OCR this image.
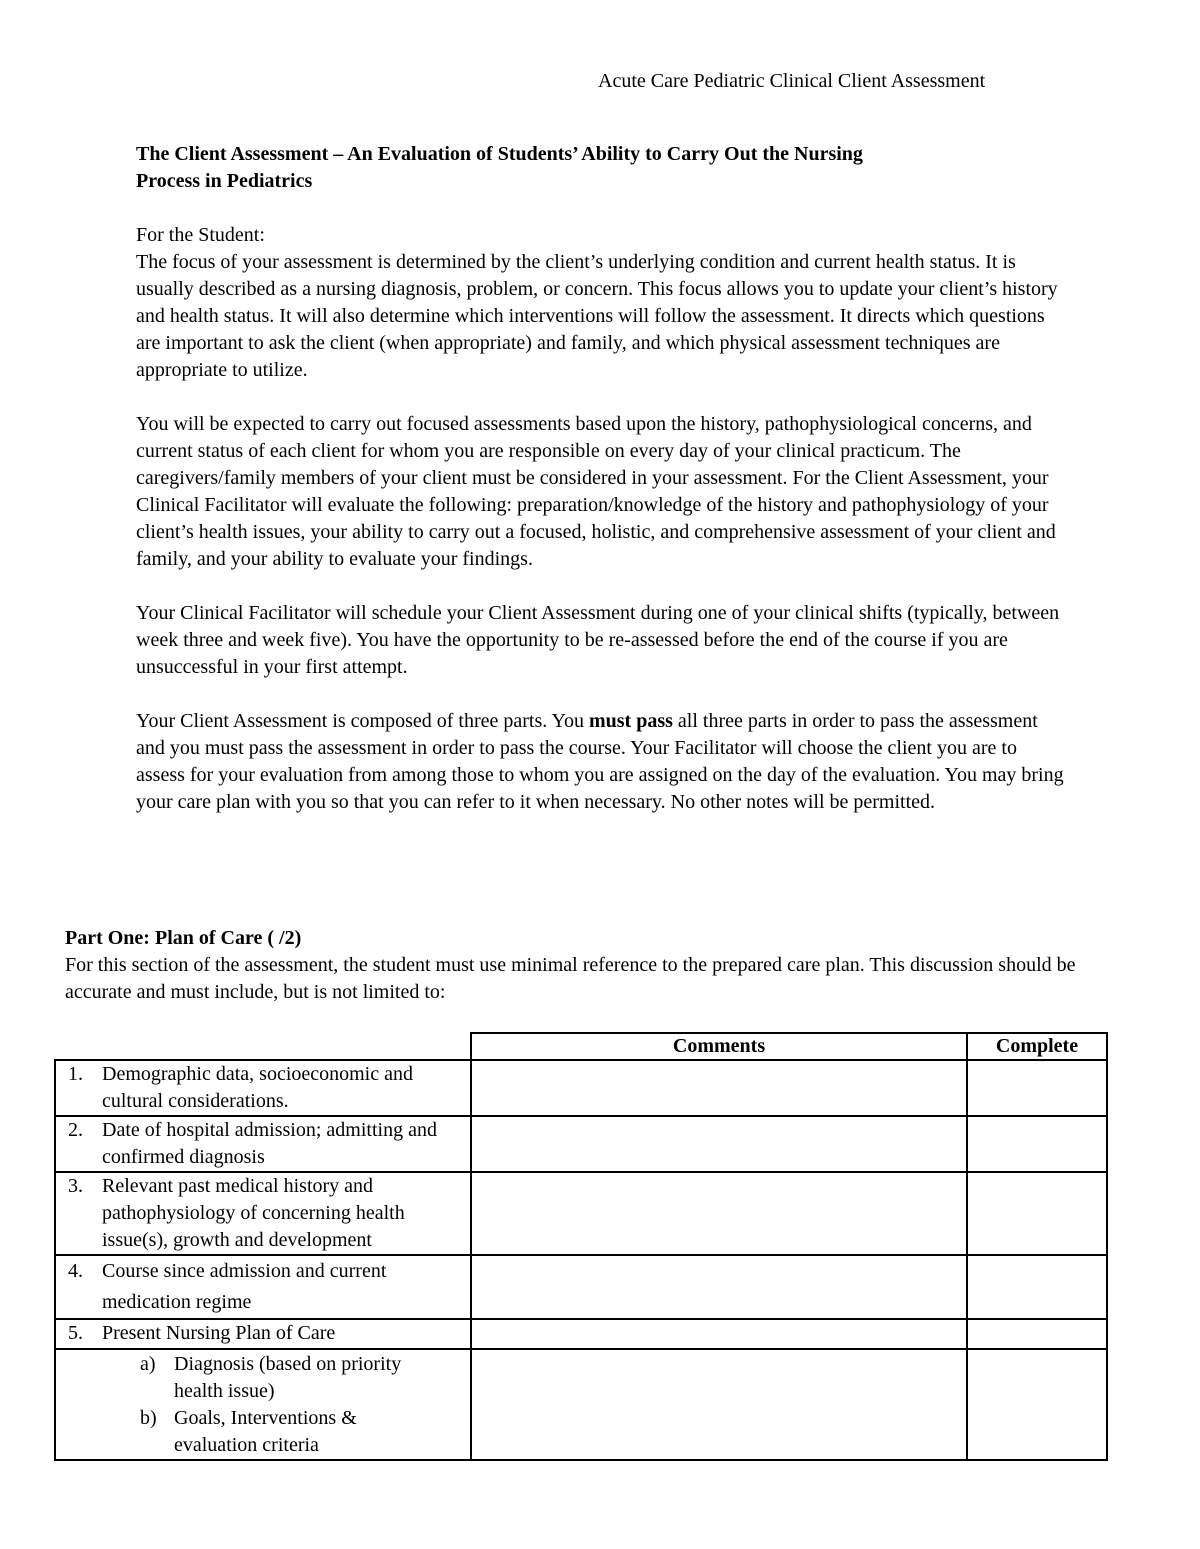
Acute Care Pediatric Clinical Client Assessment

The Client Assessment – An Evaluation of Students’ Ability to Carry Out the Nursing

Process in Pediatrics

For the Student:

The focus of your assessment is determined by the client’s underlying condition and current health status. It is usually described as a nursing diagnosis, problem, or concern. This focus allows you to update your client’s history and health status. It will also determine which interventions will follow the assessment. It directs which questions are important to ask the client (when appropriate) and family, and which physical assessment techniques are appropriate to utilize.

You will be expected to carry out focused assessments based upon the history, pathophysiological concerns, and current status of each client for whom you are responsible on every day of your clinical practicum. The caregivers/family members of your client must be considered in your assessment. For the Client Assessment, your Clinical Facilitator will evaluate the following: preparation/knowledge of the history and pathophysiology of your client’s health issues, your ability to carry out a focused, holistic, and comprehensive assessment of your client and family, and your ability to evaluate your findings.

Your Clinical Facilitator will schedule your Client Assessment during one of your clinical shifts (typically, between week three and week five). You have the opportunity to be re-assessed before the end of the course if you are unsuccessful in your first attempt.

Your Client Assessment is composed of three parts. You must pass all three parts in order to pass the assessment and you must pass the assessment in order to pass the course. Your Facilitator will choose the client you are to assess for your evaluation from among those to whom you are assigned on the day of the evaluation. You may bring your care plan with you so that you can refer to it when necessary. No other notes will be permitted.

Part One: Plan of Care ( /2)

For this section of the assessment, the student must use minimal reference to the prepared care plan. This discussion should be accurate and must include, but is not limited to:

	Comments	Complete

1. Demographic data, socioeconomic and cultural considerations.		

2. Date of hospital admission; admitting and confirmed diagnosis		

3. Relevant past medical history and pathophysiology of concerning health issue(s), growth and development		

4. Course since admission and current medication regime		

5. Present Nursing Plan of Care		

a) Diagnosis (based on priority health issue)
b) Goals, Interventions & evaluation criteria		
